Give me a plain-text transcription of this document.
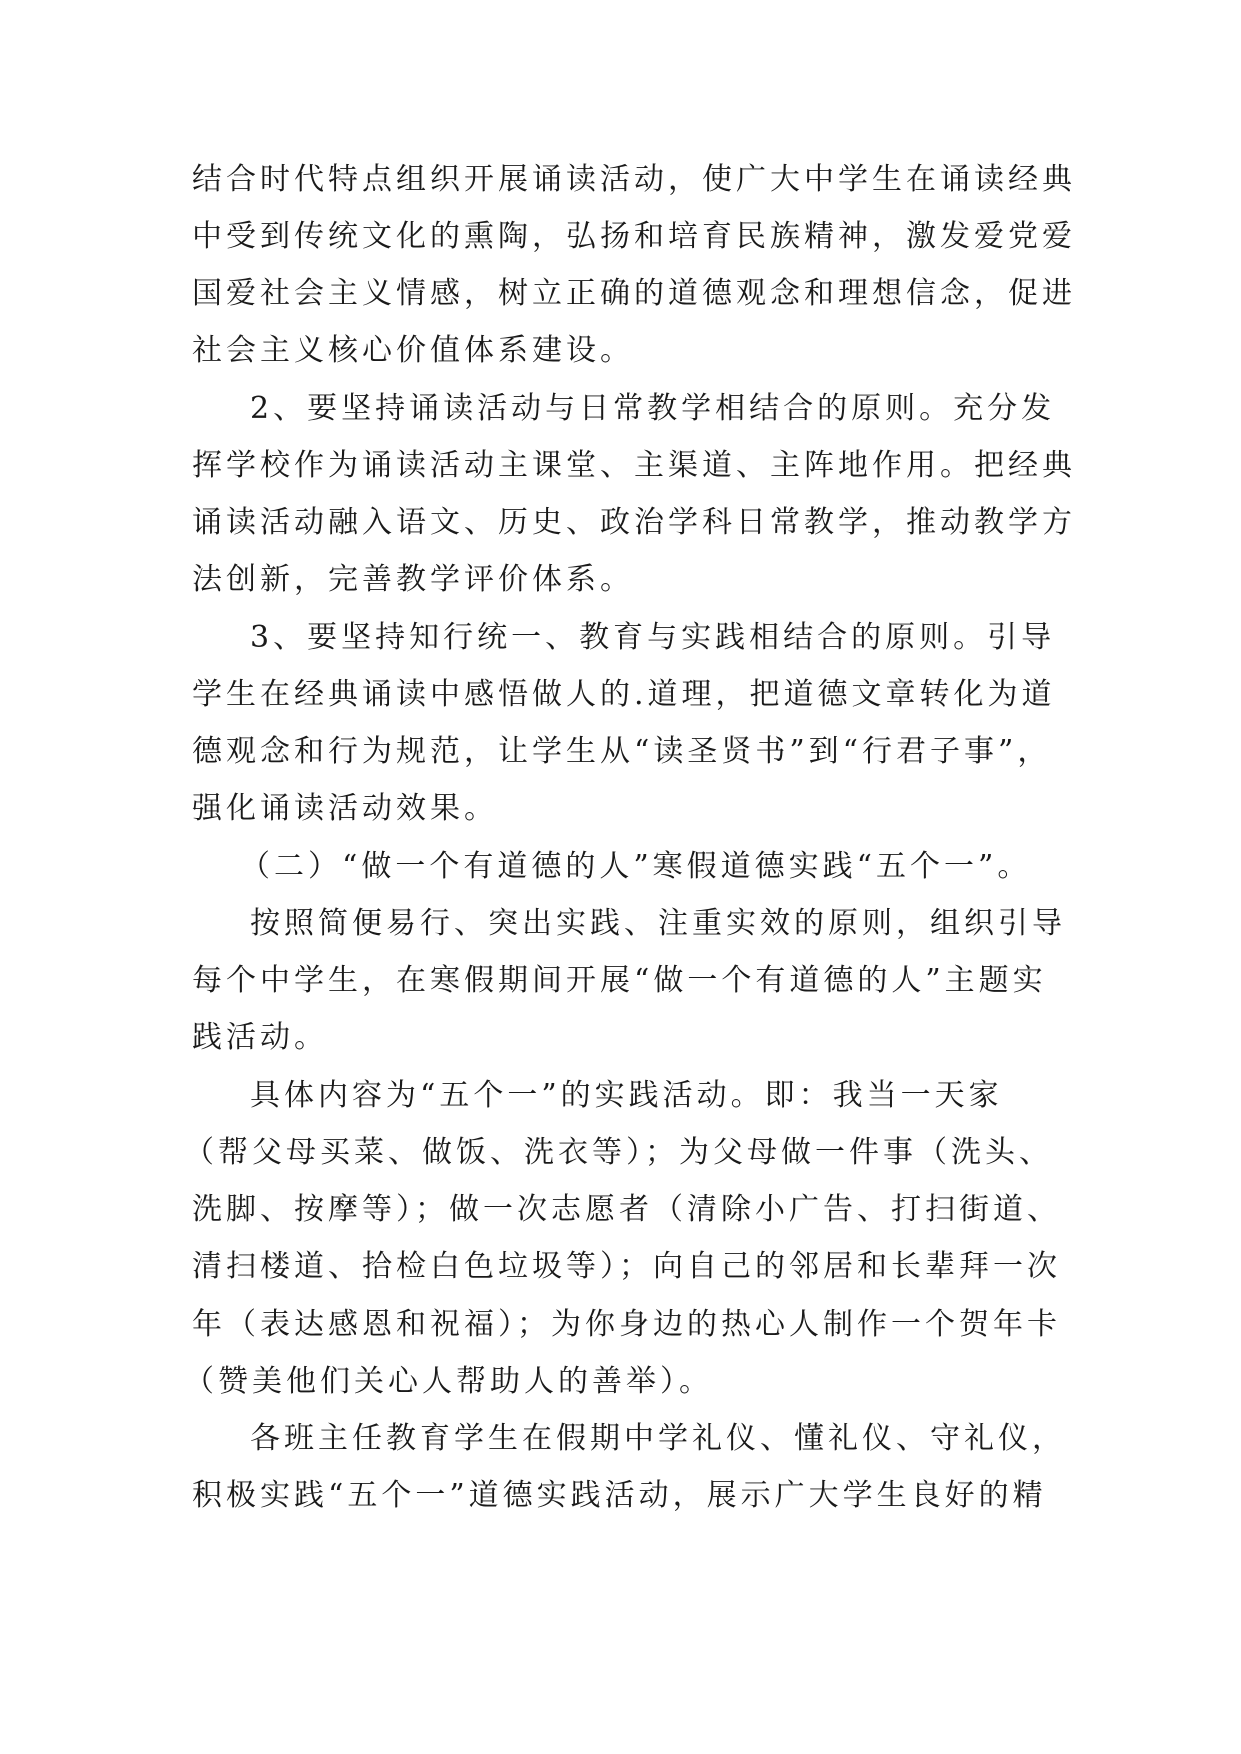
结合时代特点组织开展诵读活动，使广大中学生在诵读经典
中受到传统文化的熏陶，弘扬和培育民族精神，激发爱党爱
国爱社会主义情感，树立正确的道德观念和理想信念，促进
社会主义核心价值体系建设。
2、要坚持诵读活动与日常教学相结合的原则。充分发
挥学校作为诵读活动主课堂、主渠道、主阵地作用。把经典
诵读活动融入语文、历史、政治学科日常教学，推动教学方
法创新，完善教学评价体系。
3、要坚持知行统一、教育与实践相结合的原则。引导
学生在经典诵读中感悟做人的.道理，把道德文章转化为道
德观念和行为规范，让学生从“读圣贤书”到“行君子事”，
强化诵读活动效果。
（二）“做一个有道德的人”寒假道德实践“五个一”。
按照简便易行、突出实践、注重实效的原则，组织引导
每个中学生，在寒假期间开展“做一个有道德的人”主题实
践活动。
具体内容为“五个一”的实践活动。即：我当一天家
（帮父母买菜、做饭、洗衣等）；为父母做一件事（洗头、
洗脚、按摩等）；做一次志愿者（清除小广告、打扫街道、
清扫楼道、拾检白色垃圾等）；向自己的邻居和长辈拜一次
年（表达感恩和祝福）；为你身边的热心人制作一个贺年卡
（赞美他们关心人帮助人的善举）。
各班主任教育学生在假期中学礼仪、懂礼仪、守礼仪，
积极实践“五个一”道德实践活动，展示广大学生良好的精
